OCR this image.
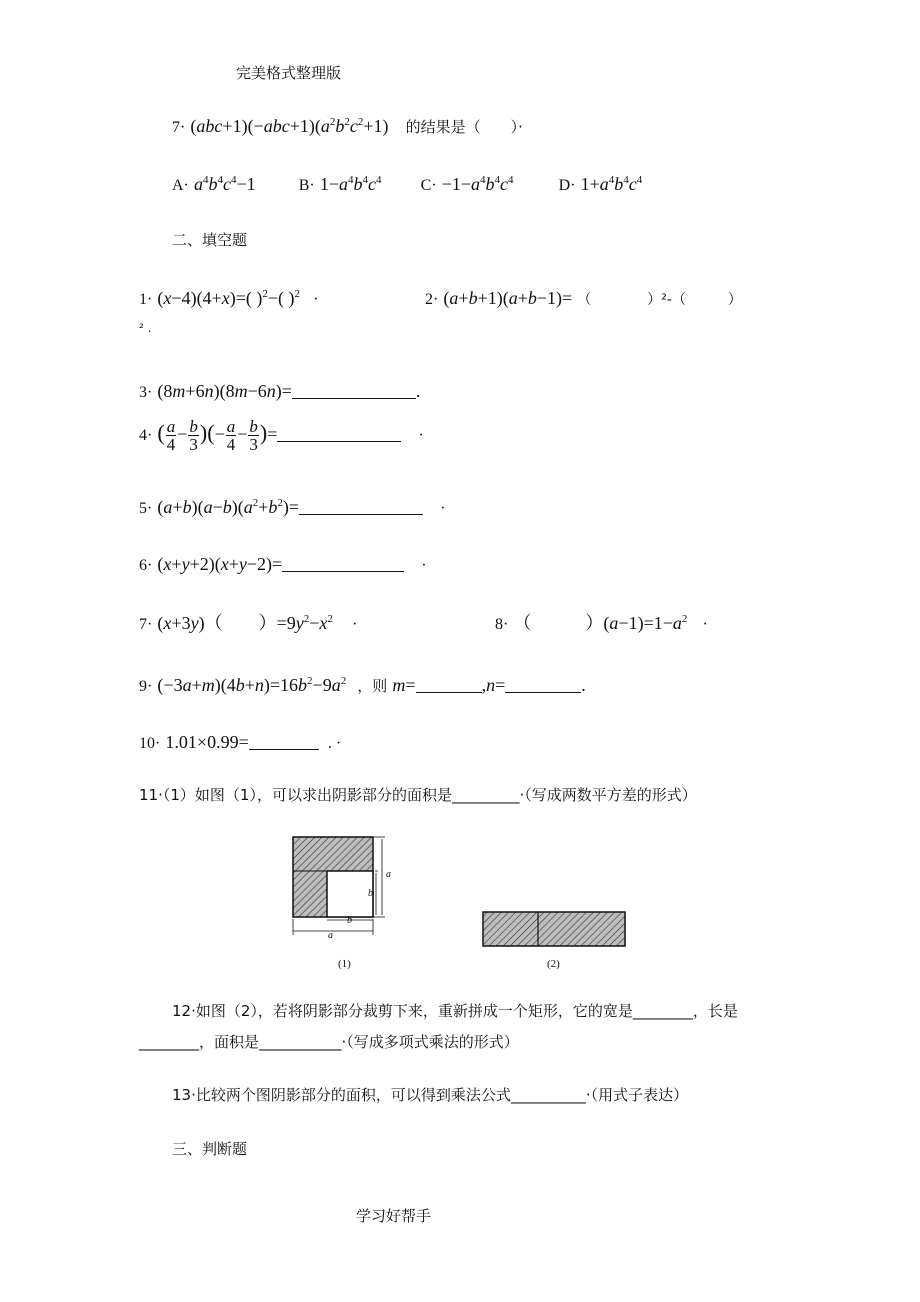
完美格式整理版
$7\cdot (abc+1)(-abc+1)(a^2b^2c^2+1)$ 的结果是（　　）·
$A\cdot a^4b^4c^4-1$	$B\cdot 1-a^4b^4c^4$ $C\cdot -1-a^4b^4c^4$	$D\cdot 1+a^4b^4c^4$
二、填空题
1· (x−4)(4+x)=( )$^2$−( )$^2$ ·	2· (a+b+1)(a+b−1)= （　　　　）²-（　　　）
² .
3· (8m+6n)(8m−6n)=	.
4· ( $\frac{a}{4} - \frac{b}{3}$ )(− $\frac{a}{4} - \frac{b}{3}$ )=	·
$5\cdot (a+b)(a-b)(a^2+b^2)=$	·
6· (x+y+2)(x+y−2)=	·
7· (x+3y)（　　）$=9y^2-x^2$ ·	8· （　　　）$(a-1)=1-a^2$ ·
$9\cdot (-3a+m)(4b+n)=16b^2-9a^2$ ，则 m=	,n=	.
10· 1.01×0.99=	. ·
11·（1）如图（1），可以求出阴影部分的面积是_________·（写成两数平方差的形式）
a
b
b
a
(1)	(2)
12·如图（2），若将阴影部分裁剪下来，重新拼成一个矩形，它的宽是________，长是
________，面积是___________·（写成多项式乘法的形式）
13·比较两个图阴影部分的面积，可以得到乘法公式__________·（用式子表达）
三、判断题
学习好帮手
